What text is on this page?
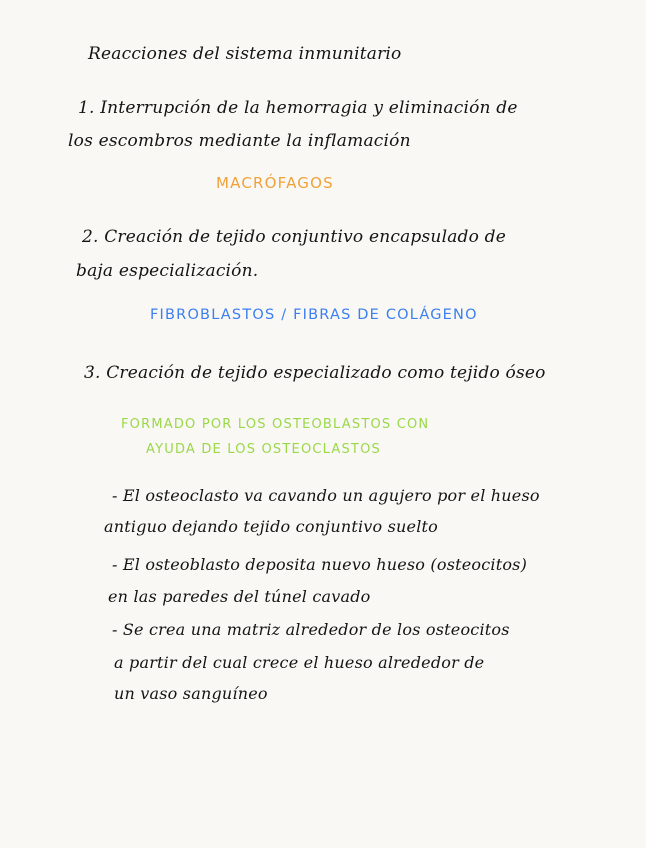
Reacciones del sistema inmunitario
1. Interrupción de la hemorragia y eliminación de
los escombros mediante la inflamación
MACRÓFAGOS
2. Creación de tejido conjuntivo encapsulado de
baja especialización.
FIBROBLASTOS / FIBRAS DE COLÁGENO
3. Creación de tejido especializado como tejido óseo
FORMADO POR LOS OSTEOBLASTOS CON
AYUDA DE LOS OSTEOCLASTOS
- El osteoclasto va cavando un agujero por el hueso
antiguo dejando tejido conjuntivo suelto
- El osteoblasto deposita nuevo hueso (osteocitos)
en las paredes del túnel cavado
- Se crea una matriz alrededor de los osteocitos
a partir del cual crece el hueso alrededor de
un vaso sanguíneo
